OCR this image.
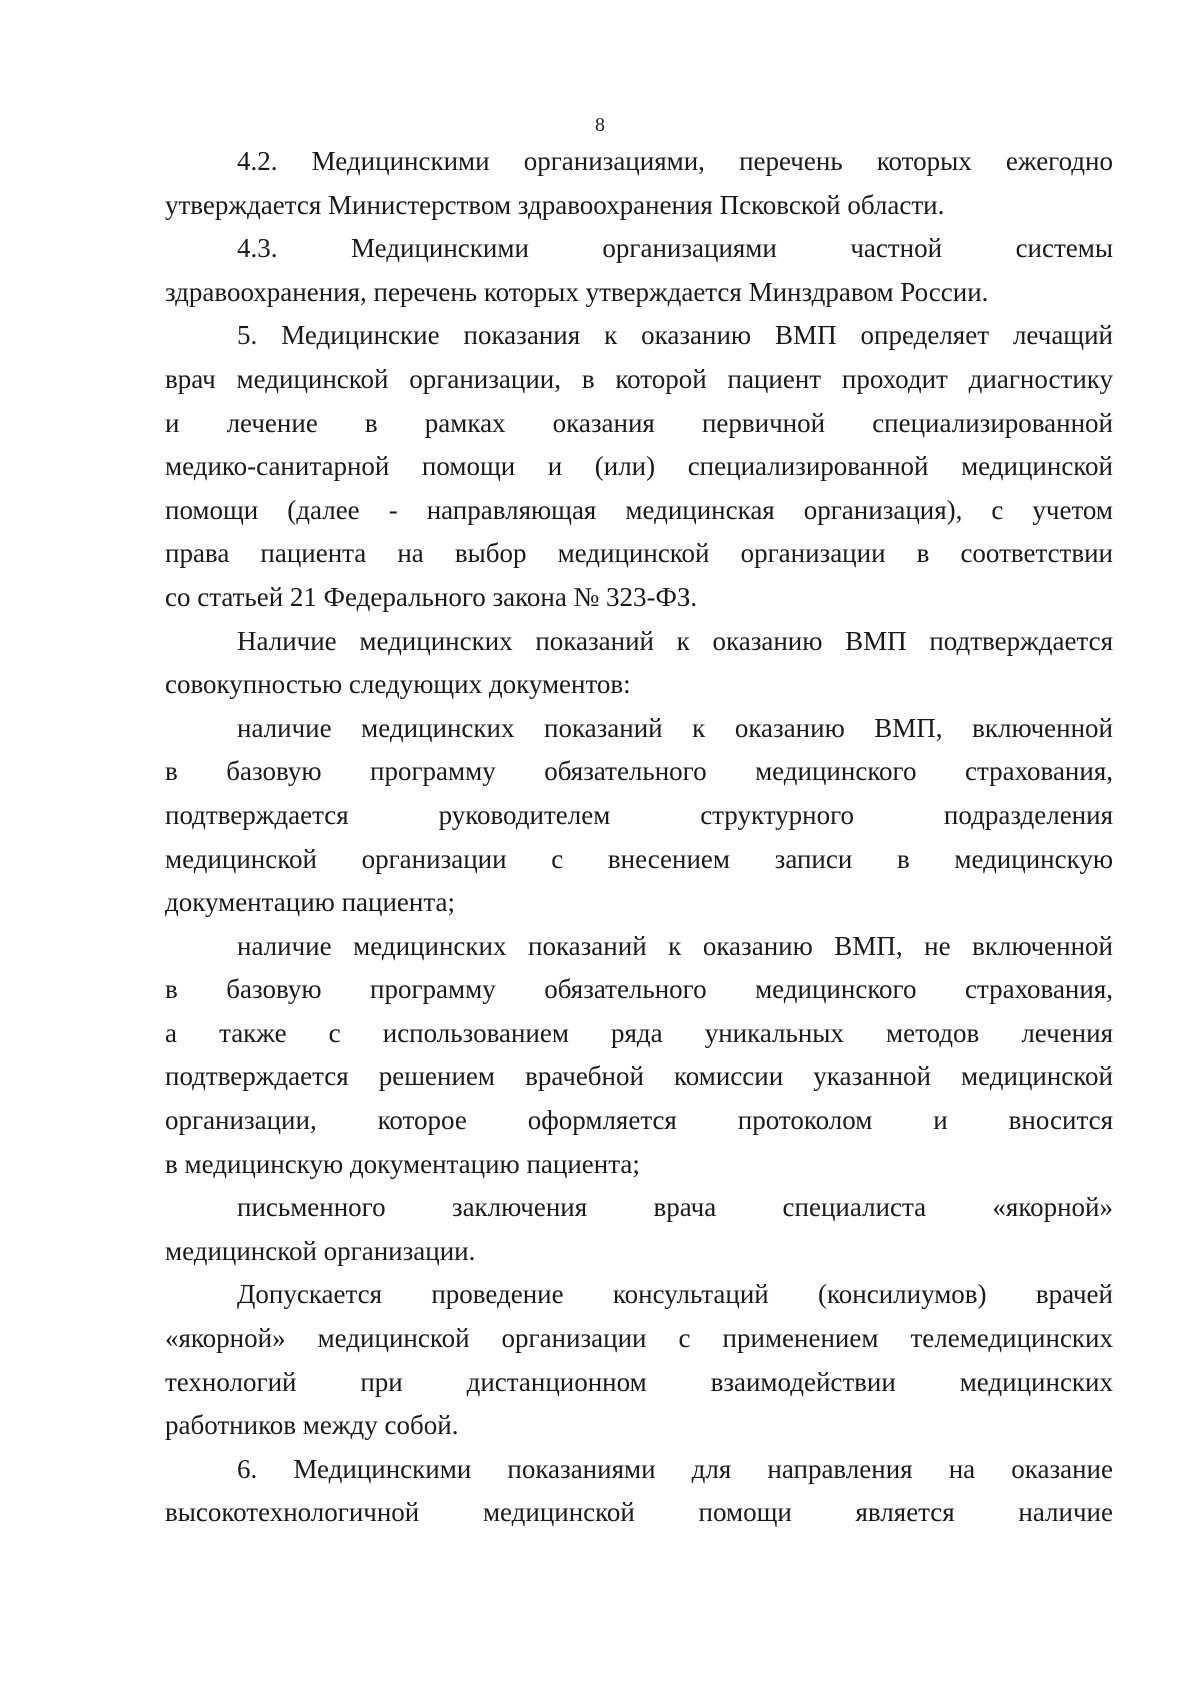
8
4.2. Медицинскими организациями, перечень которых ежегодно
утверждается Министерством здравоохранения Псковской области.
4.3. Медицинскими организациями частной системы
здравоохранения, перечень которых утверждается Минздравом России.
5. Медицинские показания к оказанию ВМП определяет лечащий
врач медицинской организации, в которой пациент проходит диагностику
и лечение в рамках оказания первичной специализированной
медико-санитарной помощи и (или) специализированной медицинской
помощи (далее - направляющая медицинская организация), с учетом
права пациента на выбор медицинской организации в соответствии
со статьей 21 Федерального закона № 323-ФЗ.
Наличие медицинских показаний к оказанию ВМП подтверждается
совокупностью следующих документов:
наличие медицинских показаний к оказанию ВМП, включенной
в базовую программу обязательного медицинского страхования,
подтверждается руководителем структурного подразделения
медицинской организации с внесением записи в медицинскую
документацию пациента;
наличие медицинских показаний к оказанию ВМП, не включенной
в базовую программу обязательного медицинского страхования,
а также с использованием ряда уникальных методов лечения
подтверждается решением врачебной комиссии указанной медицинской
организации, которое оформляется протоколом и вносится
в медицинскую документацию пациента;
письменного заключения врача специалиста «якорной»
медицинской организации.
Допускается проведение консультаций (консилиумов) врачей
«якорной» медицинской организации с применением телемедицинских
технологий при дистанционном взаимодействии медицинских
работников между собой.
6. Медицинскими показаниями для направления на оказание
высокотехнологичной медицинской помощи является наличие
